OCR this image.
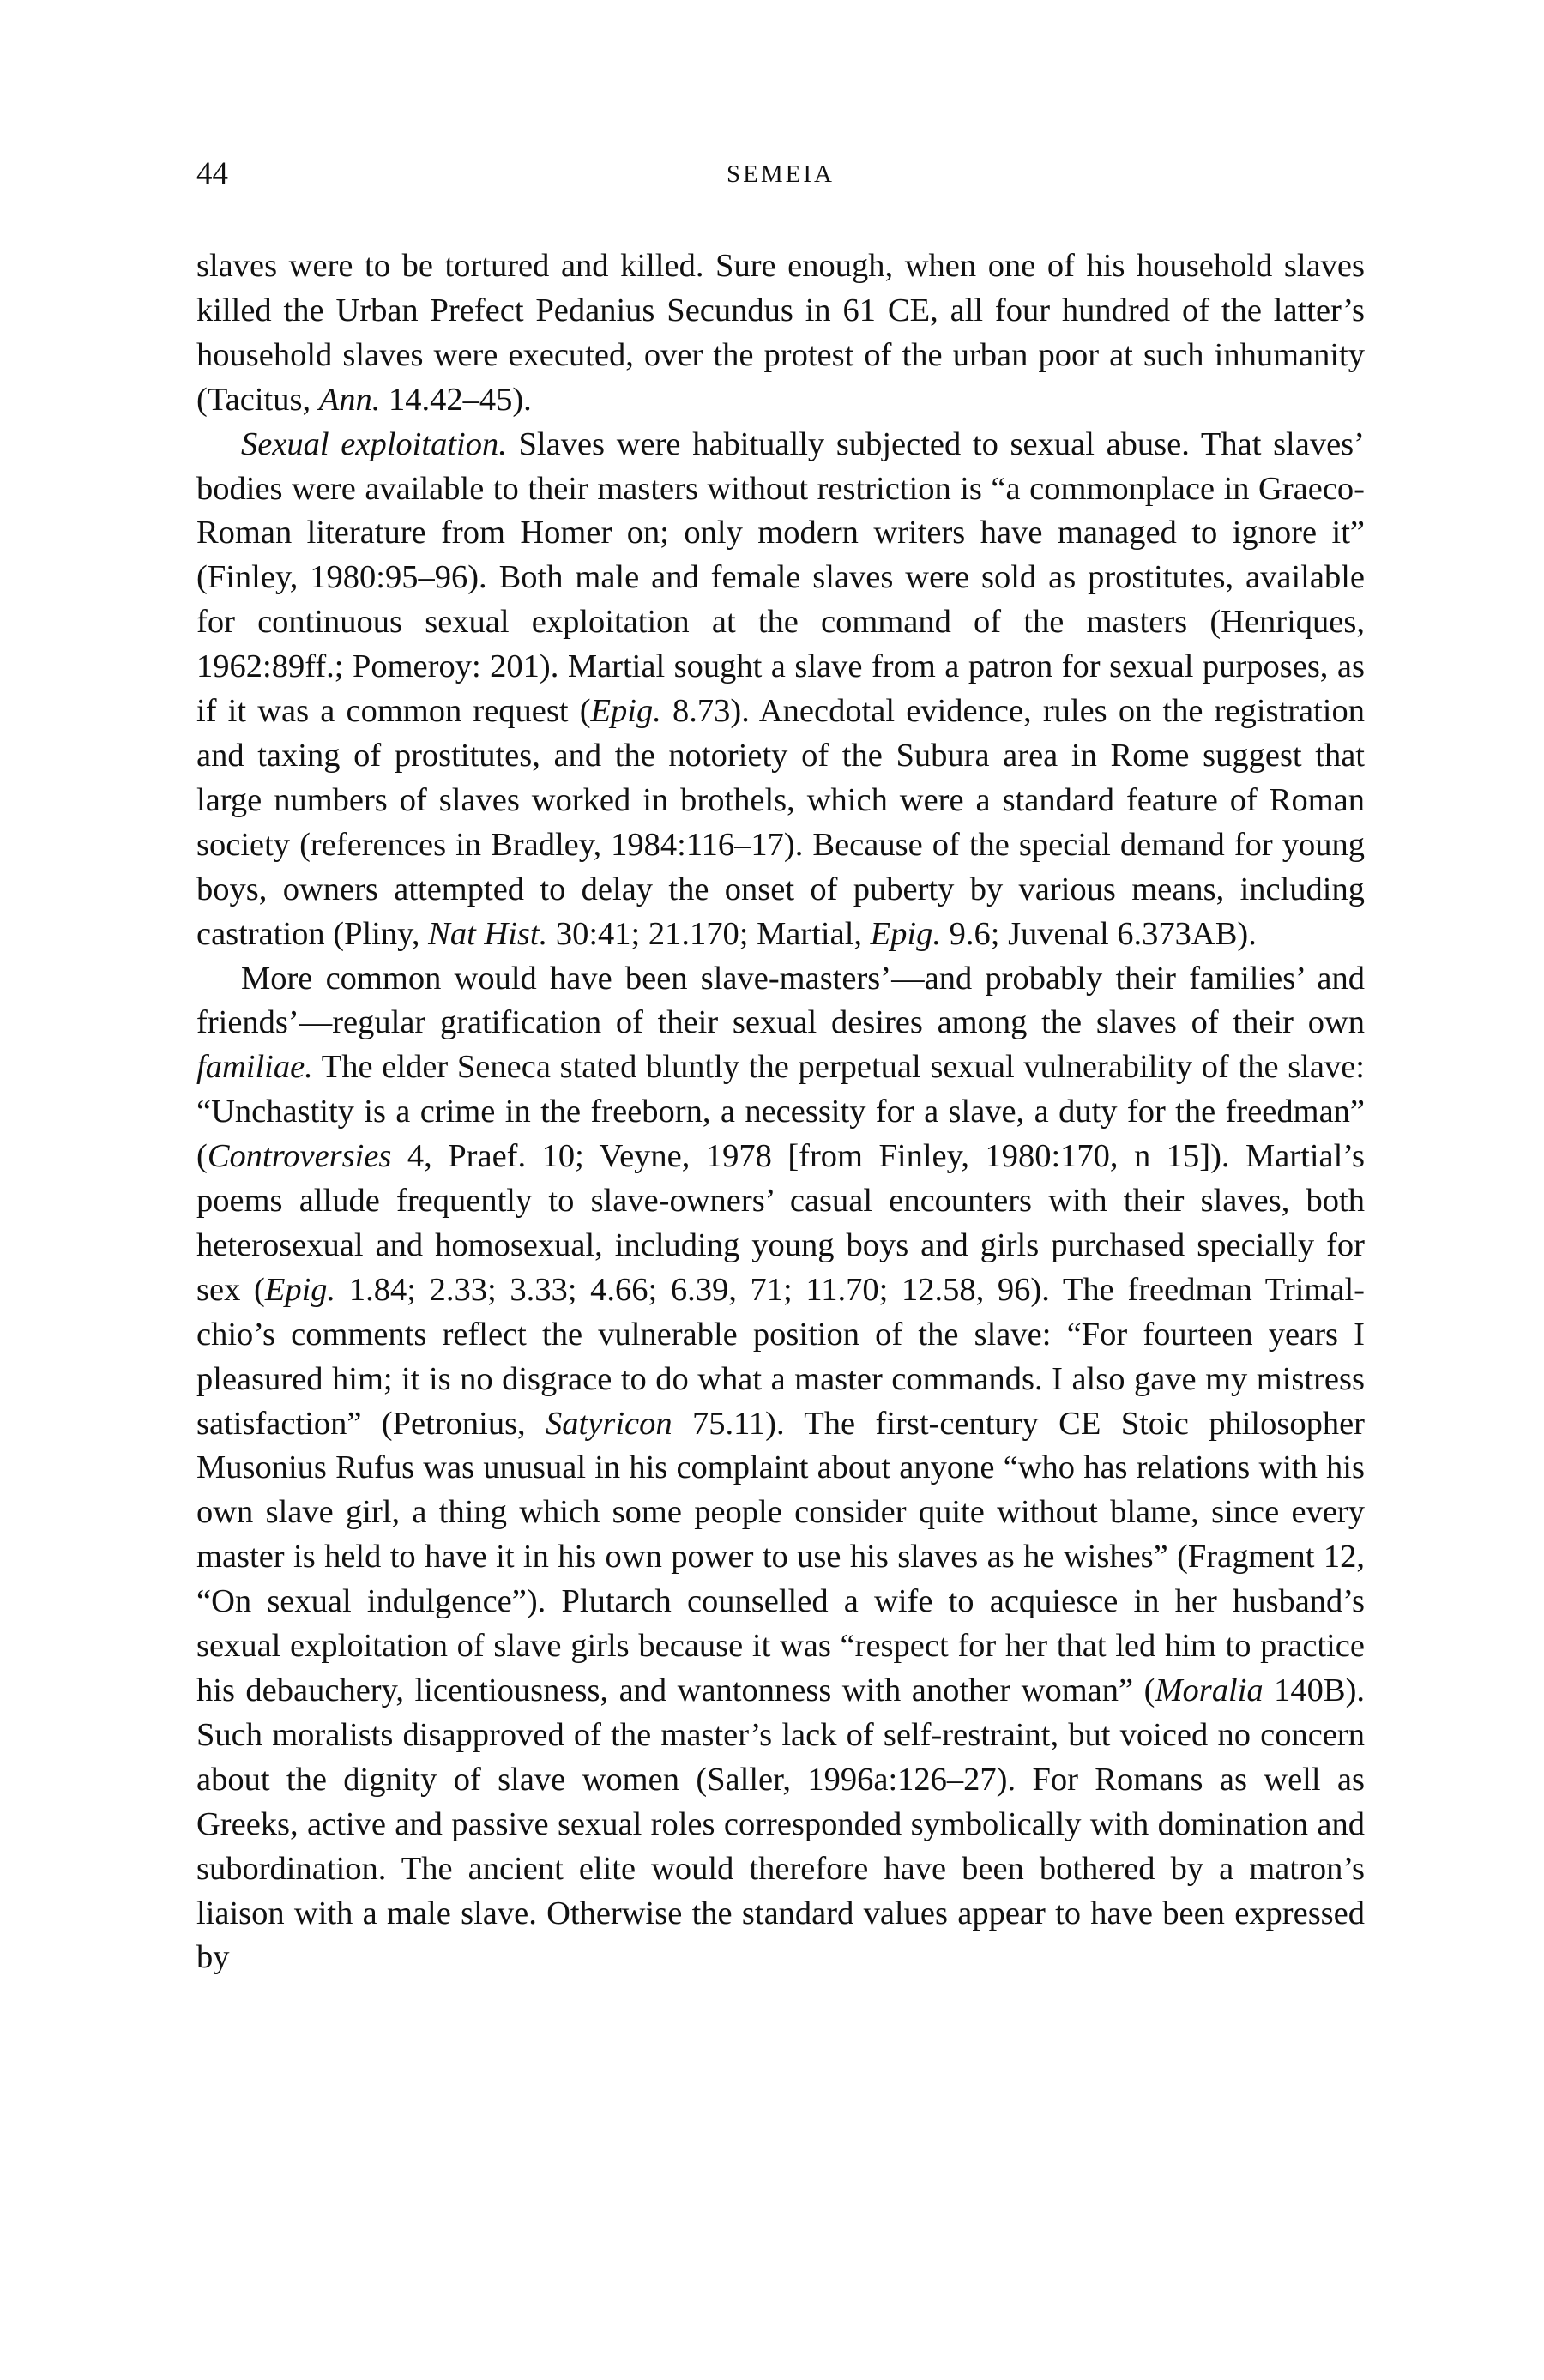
44	SEMEIA

slaves were to be tortured and killed. Sure enough, when one of his household slaves killed the Urban Prefect Pedanius Secundus in 61 CE, all four hundred of the latter’s household slaves were executed, over the protest of the urban poor at such inhumanity (Tacitus, Ann. 14.42–45).

Sexual exploitation. Slaves were habitually subjected to sexual abuse. That slaves’ bodies were available to their masters without restriction is “a commonplace in Graeco-Roman literature from Homer on; only modern writers have managed to ignore it” (Finley, 1980:95–96). Both male and female slaves were sold as prostitutes, available for continuous sexual exploitation at the command of the masters (Henriques, 1962:89ff.; Pomeroy: 201). Martial sought a slave from a patron for sexual purposes, as if it was a common request (Epig. 8.73). Anecdotal evidence, rules on the registration and taxing of prostitutes, and the notoriety of the Subura area in Rome suggest that large numbers of slaves worked in brothels, which were a standard feature of Roman society (references in Bradley, 1984:116–17). Because of the special demand for young boys, owners attempted to delay the onset of puberty by various means, including castration (Pliny, Nat Hist. 30:41; 21.170; Martial, Epig. 9.6; Juvenal 6.373AB).

More common would have been slave-masters’—and probably their families’ and friends’—regular gratification of their sexual desires among the slaves of their own familiae. The elder Seneca stated bluntly the perpetual sexual vulnerability of the slave: “Unchastity is a crime in the freeborn, a necessity for a slave, a duty for the freedman” (Controversies 4, Praef. 10; Veyne, 1978 [from Finley, 1980:170, n 15]). Martial’s poems allude frequently to slave-owners’ casual encounters with their slaves, both heterosexual and homosexual, including young boys and girls purchased specially for sex (Epig. 1.84; 2.33; 3.33; 4.66; 6.39, 71; 11.70; 12.58, 96). The freedman Trimalchio’s comments reflect the vulnerable position of the slave: “For fourteen years I pleasured him; it is no disgrace to do what a master commands. I also gave my mistress satisfaction” (Petronius, Satyricon 75.11). The first-century CE Stoic philosopher Musonius Rufus was unusual in his complaint about anyone “who has relations with his own slave girl, a thing which some people consider quite without blame, since every master is held to have it in his own power to use his slaves as he wishes” (Fragment 12, “On sexual indulgence”). Plutarch counselled a wife to acquiesce in her husband’s sexual exploitation of slave girls because it was “respect for her that led him to practice his debauchery, licentiousness, and wantonness with another woman” (Moralia 140B). Such moralists disapproved of the master’s lack of self-restraint, but voiced no concern about the dignity of slave women (Saller, 1996a:126–27). For Romans as well as Greeks, active and passive sexual roles corresponded symbolically with domination and subordination. The ancient elite would therefore have been bothered by a matron’s liaison with a male slave. Otherwise the standard values appear to have been expressed by
